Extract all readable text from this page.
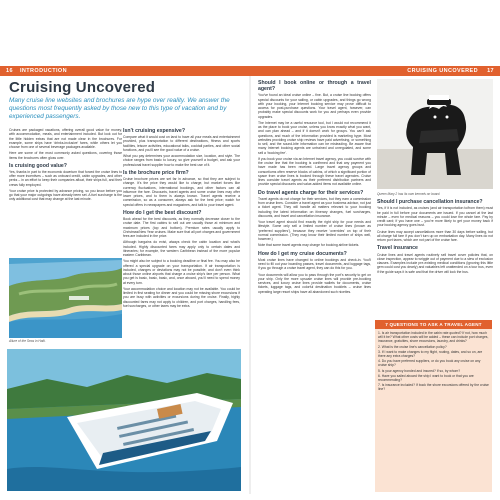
16 INTRODUCTION	CRUISING UNCOVERED 17
Cruising Uncovered
Many cruise line websites and brochures are hype over reality. We answer the questions most frequently asked by those new to this type of vacation and by experienced passengers.

Cruises are packaged vacations, offering overall good value for money, with accommodation, meals, and entertainment included. But look out for the little hidden extras that are not made clear in the brochures. For example, some ships have ‘drinks-inclusive’ fares, while others let you choose from one of several beverage packages available.

Here are some of the most commonly asked questions, covering those items the brochures often gloss over.

Is cruising good value?

Yes, thanks in part to the economic downturn that forced the cruise lines to offer more incentives – such as onboard credit, cabin upgrades, and other perks – in an effort to keep their companies afloat, their ships full, and their crews fully employed.

Your cruise price is protected by advance pricing, so you know before you go that your major outgoings have already been set. A fuel surcharge is the only additional cost that may change at the last minute.

Allure of the Seas in Haiti.
Isn’t cruising expensive?

Compare what it would cost on land to have all your meals and entertainment provided, plus transportation to different destinations, fitness and sports facilities, leisure activities, educational talks, cocktail parties, and other social functions, and you’ll see the good value of a cruise.

What you pay determines your accommodation size, location, and style. The choice ranges from basic to luxury, so give yourself a budget, and ask your professional travel supplier how to make the best use of it.

Is the brochure price firm?

Cruise brochure prices are set far in advance, so that they are subject to change. It’s the price they would like to charge, but market forces like currency fluctuations, international bookings, and other factors can all influence the fare. Discounts, travel agents and some cruise lines may offer lower prices, and to them is always known. Travel agents receive a commission, so as a consumer, always ask for the best price; watch for special offers in newspapers and magazines, and talk to your travel agent.

How do I get the best discount?

Book ahead for the best discounts, as they normally decrease closer to the cruise date. The first cabins to sell out are usually those at minimum and maximum prices (top and bottom). Premium rates usually apply to Christmas/New Year cruises. Make sure that all port charges and government fees are included in the price.

Although bargains do exist, always check the cabin location and what’s included. Highly discounted fares may apply only to certain dates and itineraries; for example, the western Caribbean instead of the more popular eastern Caribbean.

You might also be subject to a booking deadline or final fee. You may also be offered a special upgrade on your transportation. If air transportation is included, changes or deviations may not be possible, and don’t even think about those online airports that charge a cruise ship’s fare per person. What you get is basic, basic, basic, and, once aboard, you’ll need to spend money at every turn.

Your accommodation choice and location may not be available. You could be limited in first seating for dinner and you could be missing shore excursions if you are busy with activities or excursions during the cruise. Finally, highly discounted fares may not apply to children, and port charges, handling fees, fuel surcharges, or other taxes may be extra.

Should I book online or through a travel agent?

You’ve found an ideal cruise online – fine. But, a cruise line booking offers special discounts for your sailing, or cabin upgrades, and things go wrong with your booking, your Internet booking service may prove difficult to access for post-purchase questions. Your travel agent, however, can probably make special discounts work for you and perhaps even provide upgrades.

The Internet may be a useful resource tool, but I would not recommend it as the place to book your cruise, unless you know exactly what you want, and can plan ahead – and if it doesn’t work for groups. You can’t ask questions, and much of the information provided is marketing hype. Most websites providing cruise ship reviews have paid advertising, or something to sell, and the sound-bite information can be misleading. Be aware that many Internet booking agents are untrained and unregulated, and some sell a ‘booking fee’.

If you book your cruise via an Internet travel agency, you could survive with the cruise line that the booking is confirmed and that any payment you have made has been received. Large travel agency groups and consortiums often reserve blocks of cabins, of which a significant portion of space from cruise lines is booked through these travel agencies. Cruise lines consider travel agents as their preferred distribution partners and provide special discounts and value-added items not available online.

Do travel agents charge for their services?

Travel agents do not charge for their services, but they earn a commission from cruise lines. Consider a travel agent as your business advisor, not just a ticket agent. They will handle all matters relevant to your booking including the latest information on itinerary changes, fuel surcharges, discounts, and travel and cancellation insurance.

Your travel agent should find exactly the right ship for your needs and lifestyle. Some only sell a limited number of cruise lines (known as ‘preferred suppliers’), because they receive ‘overrides’ on top of their normal commission. (They may know their limited number of ships well, however.)

Note that some travel agents may charge for booking airline tickets.

How do I get my cruise documents?

Most cruise lines have changed to online bookings and check-in. You’ll need to fill out your boarding passes, travel documents, and luggage tags, if you go through a cruise travel agent, they can do this for you.

Your documents will allow you to pass through the port’s security to get on your ship. Only the more upscale cruise lines will provide pre-booking services, and luxury cruise lines provide wallets for documents, cruise tickets, luggage tags, and colorful destination booklets – cruise lines operating large resort ships have all abandoned such niceties.

Queen Mary 2 has its own kennels on board.

Should I purchase cancellation insurance?

Yes, if it is not included, as cruises (and air transportation to/from them) must be paid in full before your documents are issued. If you cancel at the last minute – even for medical reasons – you could lose the whole fare. Pay by credit card; if you have one – you’re more likely to get your money back if your booking agency goes bust.

Cruise lines may accept cancellations more than 30 days before sailing, but all charge full fare if you don’t turn up on embarkation day. Many lines do not return port taxes, which are not part of the cruise fare.

Travel insurance

Cruise lines and travel agents routinely sell travel cover policies that, on close inspection, appear to wriggle out of payment due to a slew of exclusion clauses. Examples include pre-existing medical conditions (ignoring this little gem could cost you dearly) and valuables left unattended on a tour bus, even if the guide says it is safe and that the driver will lock the bus.

7 QUESTIONS TO ASK A TRAVEL AGENT
1. Is air transportation included in the cabin rate quoted? If not, how much will it be? What other costs will be added – these can include port charges, insurance, gratuities, shore excursions, laundry, and drinks?
2. What is the cruise line’s cancellation policy?
3. If I want to make changes to my flight, routing, dates, and so on, are there any extra charges?
4. Do you have preferred suppliers, or do you book any cruise on any cruise ship?
5. Is your agency bonded and insured? If so, by whom?
6. Have you sailed aboard the ship I want to book or that you are recommending?
7. Is insurance included? If book the shore excursions offered by the cruise line?
